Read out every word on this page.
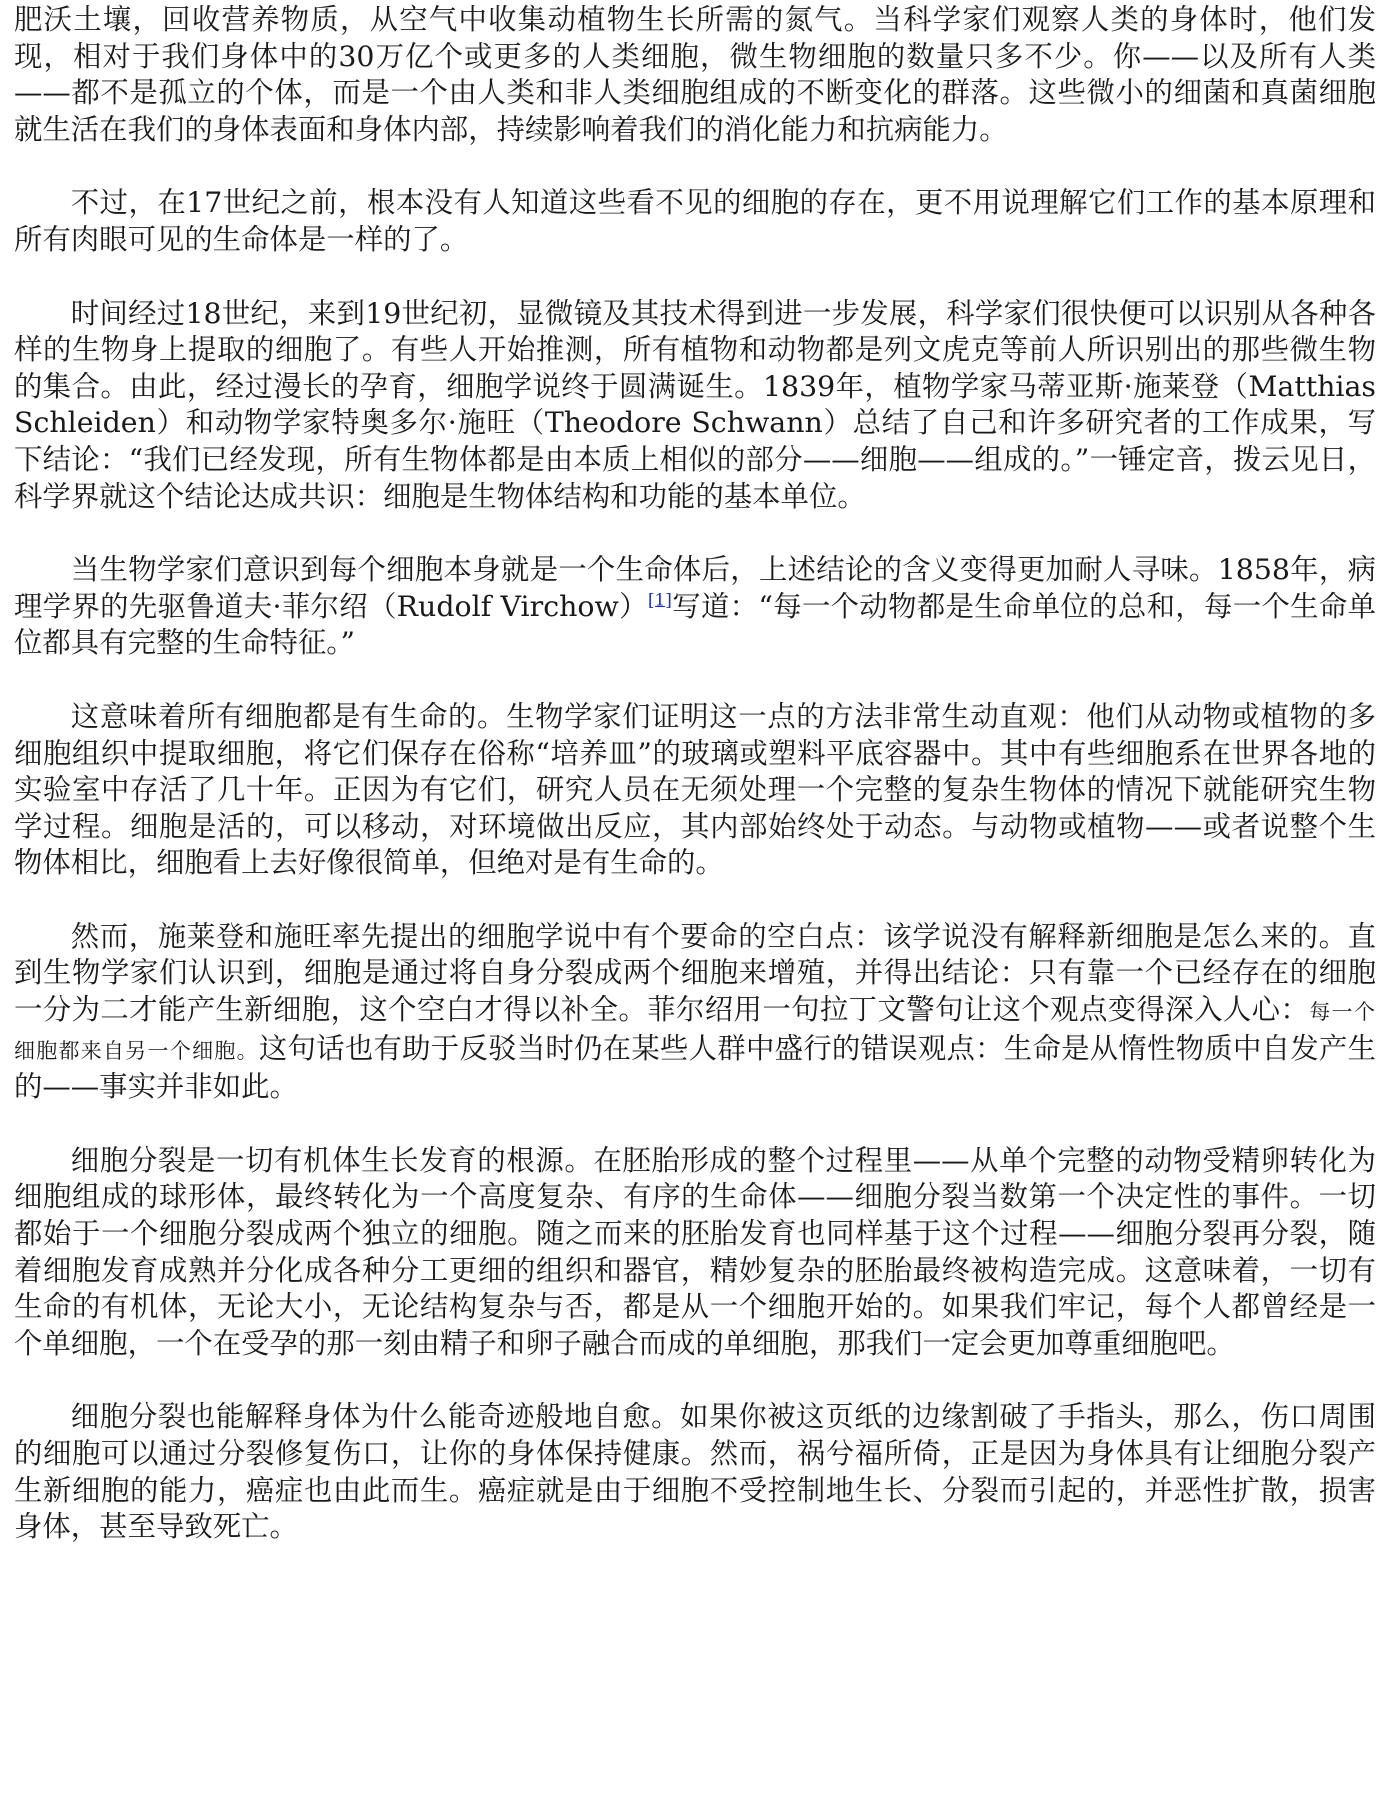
肥沃土壤，回收营养物质，从空气中收集动植物生长所需的氮气。当科学家们观察人类的身体时，他们发现，相对于我们身体中的30万亿个或更多的人类细胞，微生物细胞的数量只多不少。你——以及所有人类——都不是孤立的个体，而是一个由人类和非人类细胞组成的不断变化的群落。这些微小的细菌和真菌细胞就生活在我们的身体表面和身体内部，持续影响着我们的消化能力和抗病能力。

不过，在17世纪之前，根本没有人知道这些看不见的细胞的存在，更不用说理解它们工作的基本原理和所有肉眼可见的生命体是一样的了。

时间经过18世纪，来到19世纪初，显微镜及其技术得到进一步发展，科学家们很快便可以识别从各种各样的生物身上提取的细胞了。有些人开始推测，所有植物和动物都是列文虎克等前人所识别出的那些微生物的集合。由此，经过漫长的孕育，细胞学说终于圆满诞生。1839年，植物学家马蒂亚斯·施莱登（Matthias Schleiden）和动物学家特奥多尔·施旺（Theodore Schwann）总结了自己和许多研究者的工作成果，写下结论：“我们已经发现，所有生物体都是由本质上相似的部分——细胞——组成的。”一锤定音，拨云见日，科学界就这个结论达成共识：细胞是生物体结构和功能的基本单位。

当生物学家们意识到每个细胞本身就是一个生命体后，上述结论的含义变得更加耐人寻味。1858年，病理学界的先驱鲁道夫·菲尔绍（Rudolf Virchow）[1]写道：“每一个动物都是生命单位的总和，每一个生命单位都具有完整的生命特征。”

这意味着所有细胞都是有生命的。生物学家们证明这一点的方法非常生动直观：他们从动物或植物的多细胞组织中提取细胞，将它们保存在俗称“培养皿”的玻璃或塑料平底容器中。其中有些细胞系在世界各地的实验室中存活了几十年。正因为有它们，研究人员在无须处理一个完整的复杂生物体的情况下就能研究生物学过程。细胞是活的，可以移动，对环境做出反应，其内部始终处于动态。与动物或植物——或者说整个生物体相比，细胞看上去好像很简单，但绝对是有生命的。

然而，施莱登和施旺率先提出的细胞学说中有个要命的空白点：该学说没有解释新细胞是怎么来的。直到生物学家们认识到，细胞是通过将自身分裂成两个细胞来增殖，并得出结论：只有靠一个已经存在的细胞一分为二才能产生新细胞，这个空白才得以补全。菲尔绍用一句拉丁文警句让这个观点变得深入人心：每一个细胞都来自另一个细胞。这句话也有助于反驳当时仍在某些人群中盛行的错误观点：生命是从惰性物质中自发产生的——事实并非如此。

细胞分裂是一切有机体生长发育的根源。在胚胎形成的整个过程里——从单个完整的动物受精卵转化为细胞组成的球形体，最终转化为一个高度复杂、有序的生命体——细胞分裂当数第一个决定性的事件。一切都始于一个细胞分裂成两个独立的细胞。随之而来的胚胎发育也同样基于这个过程——细胞分裂再分裂，随着细胞发育成熟并分化成各种分工更细的组织和器官，精妙复杂的胚胎最终被构造完成。这意味着，一切有生命的有机体，无论大小，无论结构复杂与否，都是从一个细胞开始的。如果我们牢记，每个人都曾经是一个单细胞，一个在受孕的那一刻由精子和卵子融合而成的单细胞，那我们一定会更加尊重细胞吧。

细胞分裂也能解释身体为什么能奇迹般地自愈。如果你被这页纸的边缘割破了手指头，那么，伤口周围的细胞可以通过分裂修复伤口，让你的身体保持健康。然而，祸兮福所倚，正是因为身体具有让细胞分裂产生新细胞的能力，癌症也由此而生。癌症就是由于细胞不受控制地生长、分裂而引起的，并恶性扩散，损害身体，甚至导致死亡。
